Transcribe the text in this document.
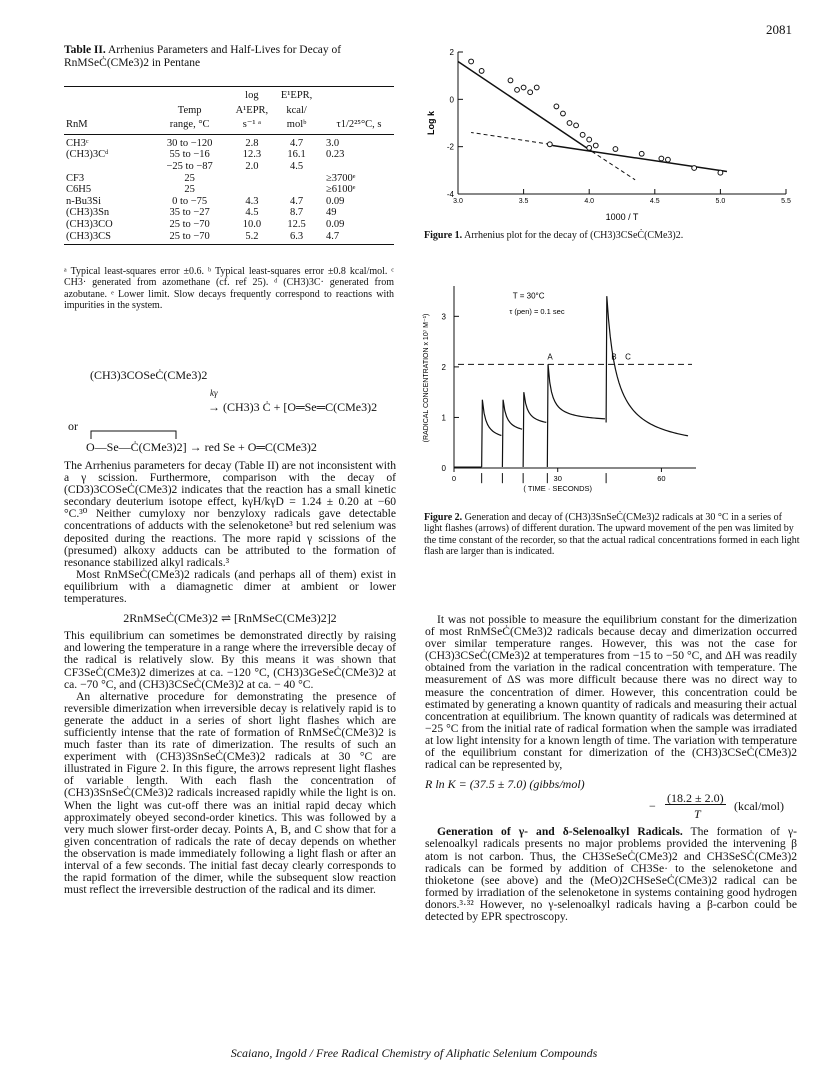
2081
Table II. Arrhenius Parameters and Half-Lives for Decay of
RnMSeĊ(CMe3)2 in Pentane
		log	E¹EPR,	
	Temp	A¹EPR,	kcal/	
RnM	range, °C	s⁻¹ ᵃ	molᵇ	τ1/2²⁵°C, s
CH3ᶜ	30 to −120	2.8	4.7	3.0
(CH3)3Cᵈ	55 to −16	12.3	16.1	0.23
	−25 to −87	2.0	4.5	
CF3	25			≥3700ᵉ
C6H5	25			≥6100ᵉ
n-Bu3Si	0 to −75	4.3	4.7	0.09
(CH3)3Sn	35 to −27	4.5	8.7	49
(CH3)3CO	25 to −70	10.0	12.5	0.09
(CH3)3CS	25 to −70	5.2	6.3	4.7
ᵃ Typical least-squares error ±0.6. ᵇ Typical least-squares error ±0.8 kcal/mol. ᶜ CH3· generated from azomethane (cf. ref 25). ᵈ (CH3)3C· generated from azobutane. ᵉ Lower limit. Slow decays frequently correspond to reactions with impurities in the system.
(CH3)3COSeĊ(CMe3)2
kγ
→ (CH3)3 Ċ + [O═Se═C(CMe3)2
or
O—Se—Ċ(CMe3)2] → red Se + O═C(CMe3)2

The Arrhenius parameters for decay (Table II) are not inconsistent with a γ scission. Furthermore, comparison with the decay of (CD3)3COSeĊ(CMe3)2 indicates that the reaction has a small kinetic secondary deuterium isotope effect, kγH/kγD = 1.24 ± 0.20 at −60 °C.³⁰ Neither cumyloxy nor benzyloxy radicals gave detectable concentrations of adducts with the selenoketone³ but red selenium was deposited during the reactions. The more rapid γ scissions of the (presumed) alkoxy adducts can be attributed to the formation of resonance stabilized alkyl radicals.³

Most RnMSeĊ(CMe3)2 radicals (and perhaps all of them) exist in equilibrium with a diamagnetic dimer at ambient or lower temperatures.

2RnMSeĊ(CMe3)2 ⇌ [RnMSeC(CMe3)2]2

This equilibrium can sometimes be demonstrated directly by raising and lowering the temperature in a range where the irreversible decay of the radical is relatively slow. By this means it was shown that CF3SeĊ(CMe3)2 dimerizes at ca. −120 °C, (CH3)3GeSeĊ(CMe3)2 at ca. −70 °C, and (CH3)3CSeĊ(CMe3)2 at ca. − 40 °C.

An alternative procedure for demonstrating the presence of reversible dimerization when irreversible decay is relatively rapid is to generate the adduct in a series of short light flashes which are sufficiently intense that the rate of formation of RnMSeĊ(CMe3)2 is much faster than its rate of dimerization. The results of such an experiment with (CH3)3SnSeĊ(CMe3)2 radicals at 30 °C are illustrated in Figure 2. In this figure, the arrows represent light flashes of variable length. With each flash the concentration of (CH3)3SnSeĊ(CMe3)2 radicals increased rapidly while the light is on. When the light was cut-off there was an initial rapid decay which approximately obeyed second-order kinetics. This was followed by a very much slower first-order decay. Points A, B, and C show that for a given concentration of radicals the rate of decay depends on whether the observation is made immediately following a light flash or after an interval of a few seconds. The initial fast decay clearly corresponds to the rapid formation of the dimer, while the subsequent slow reaction must reflect the irreversible destruction of the radical and its dimer.

2
0
-2
-4
3.0	3.5	4.0	4.5	5.0	5.5
Log k
1000 / T
Figure 1. Arrhenius plot for the decay of (CH3)3CSeĊ(CMe3)2.
0
1
2
3
0	30	60
(RADICAL CONCENTRATION x 10⁷ M⁻¹)
( TIME · SECONDS)
T = 30°C
τ (pen) = 0.1 sec
A	B C
Figure 2. Generation and decay of (CH3)3SnSeĊ(CMe3)2 radicals at 30 °C in a series of light flashes (arrows) of different duration. The upward movement of the pen was limited by the time constant of the recorder, so that the actual radical concentrations formed in each light flash are larger than is indicated.

It was not possible to measure the equilibrium constant for the dimerization of most RnMSeĊ(CMe3)2 radicals because decay and dimerization occurred over similar temperature ranges. However, this was not the case for (CH3)3CSeĊ(CMe3)2 at temperatures from −15 to −50 °C, and ΔH was readily obtained from the variation in the radical concentration with temperature. The measurement of ΔS was more difficult because there was no direct way to measure the concentration of dimer. However, this concentration could be estimated by generating a known quantity of radicals and measuring their actual concentration at equilibrium. The known quantity of radicals was determined at −25 °C from the initial rate of radical formation when the sample was irradiated at low light intensity for a known length of time. The variation with temperature of the equilibrium constant for dimerization of the (CH3)3CSeĊ(CMe3)2 radical can be represented by,

R ln K = (37.5 ± 7.0) (gibbs/mol)
−
(18.2 ± 2.0)
T
(kcal/mol)

Generation of γ- and δ-Selenoalkyl Radicals. The formation of γ-selenoalkyl radicals presents no major problems provided the intervening β atom is not carbon. Thus, the CH3SeSeĊ(CMe3)2 and CH3SeSĊ(CMe3)2 radicals can be formed by addition of CH3Se· to the selenoketone and thioketone (see above) and the (MeO)2CHSeSeĊ(CMe3)2 radical can be formed by irradiation of the selenoketone in systems containing good hydrogen donors.³·³² However, no γ-selenoalkyl radicals having a β-carbon could be detected by EPR spectroscopy.

Scaiano, Ingold / Free Radical Chemistry of Aliphatic Selenium Compounds
